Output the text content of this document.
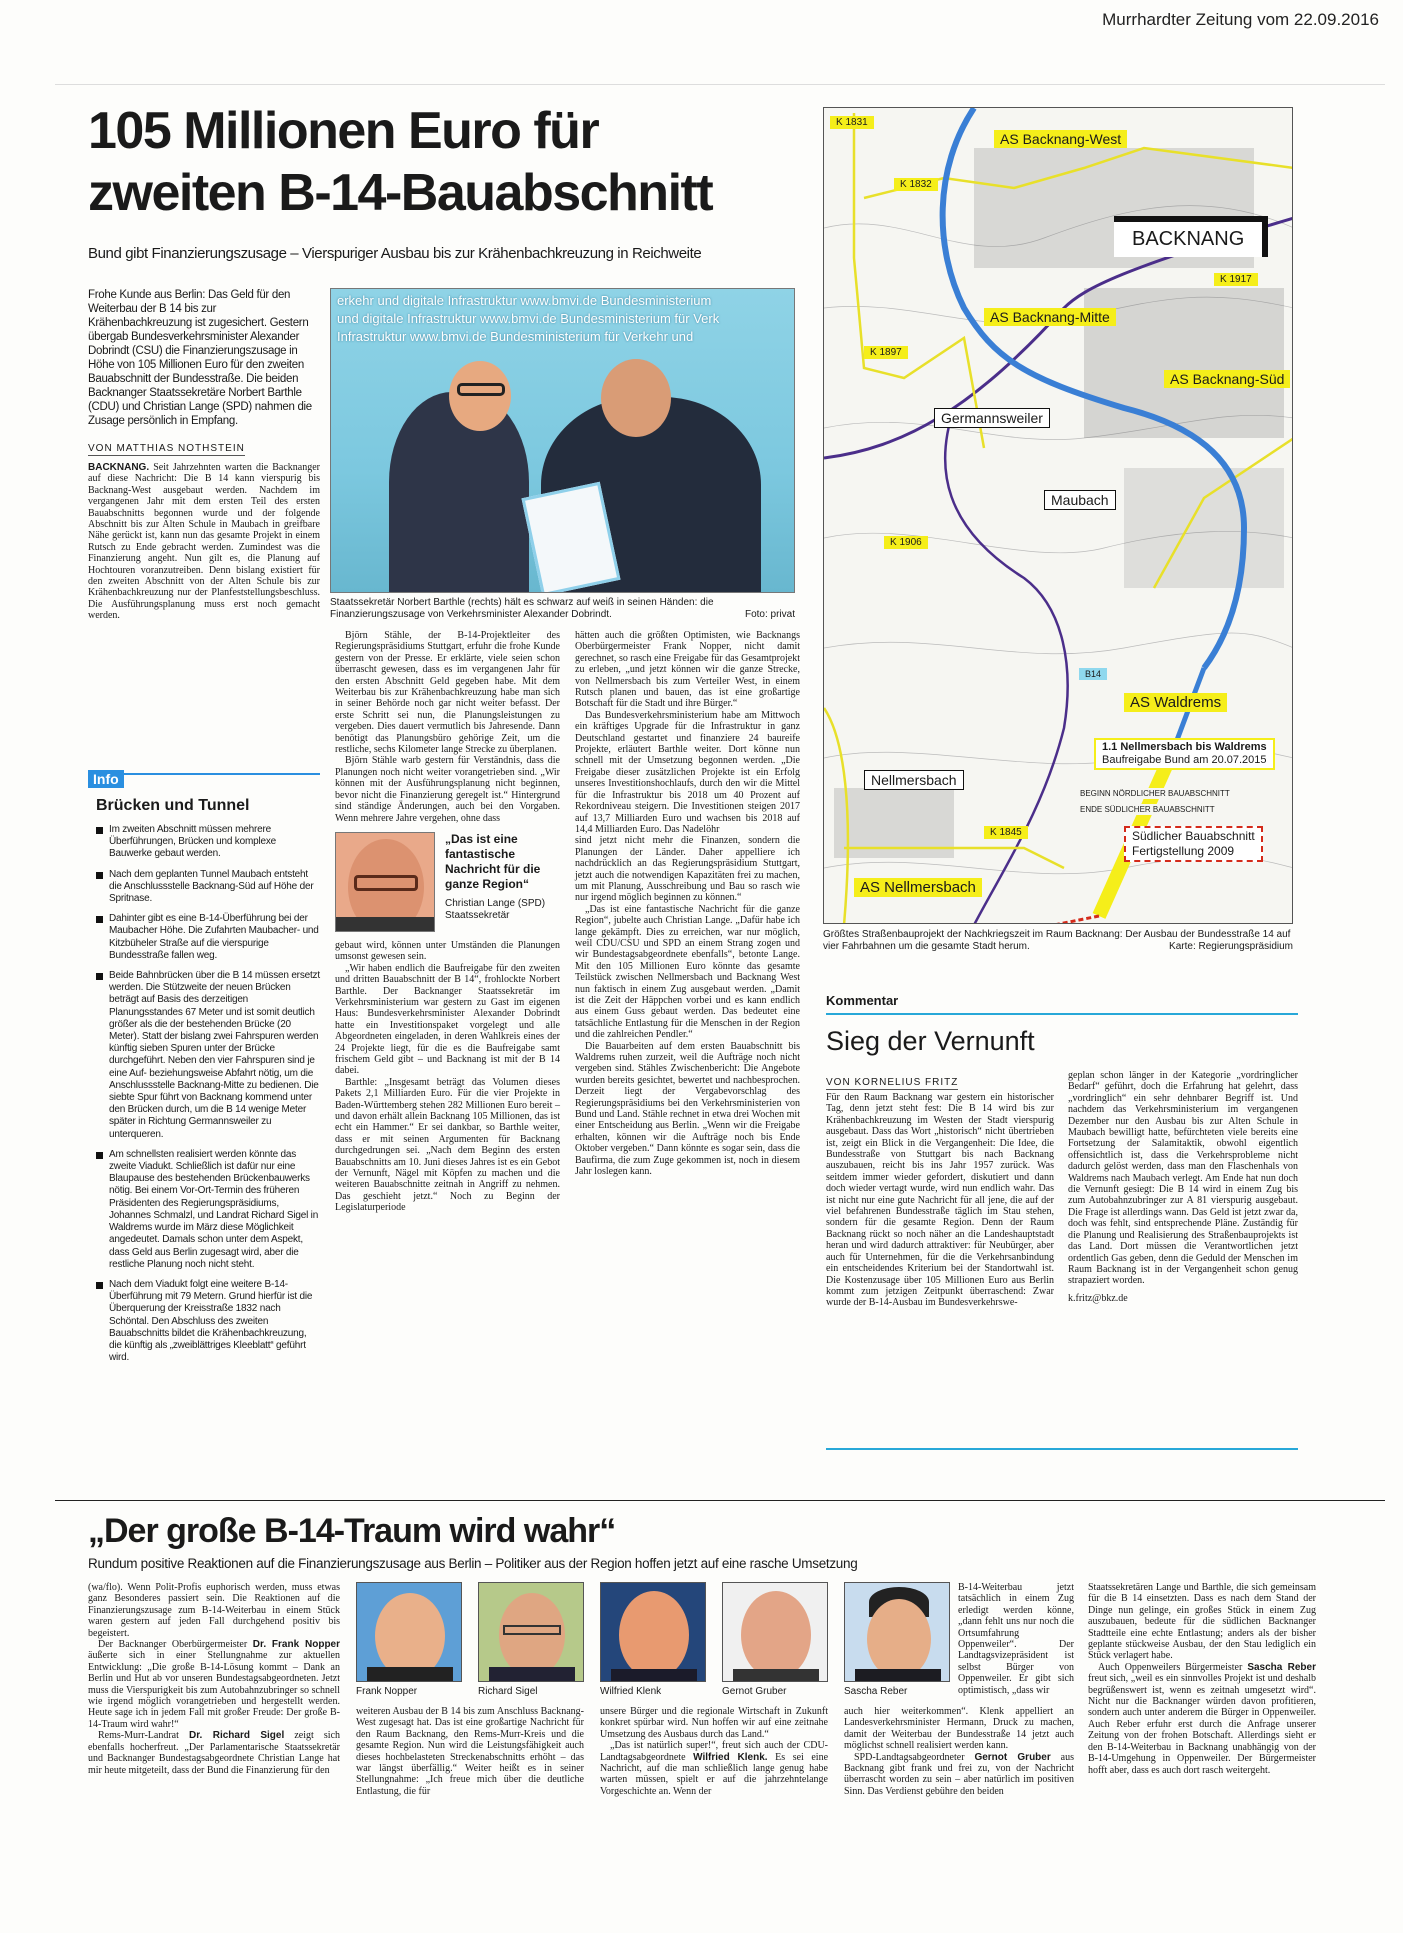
Murrhardter Zeitung vom 22.09.2016
105 Millionen Euro für
zweiten B-14-Bauabschnitt
Bund gibt Finanzierungszusage – Vierspuriger Ausbau bis zur Krähenbachkreuzung in Reichweite
Frohe Kunde aus Berlin: Das Geld für den Weiterbau der B 14 bis zur Krähenbachkreuzung ist zugesichert. Gestern übergab Bundesverkehrsminister Alexander Dobrindt (CSU) die Finanzierungszusage in Höhe von 105 Millionen Euro für den zweiten Bauabschnitt der Bundesstraße. Die beiden Backnanger Staatssekretäre Norbert Barthle (CDU) und Christian Lange (SPD) nahmen die Zusage persönlich in Empfang.
VON MATTHIAS NOTHSTEIN

BACKNANG. Seit Jahrzehnten warten die Backnanger auf diese Nachricht: Die B 14 kann vierspurig bis Backnang-West ausgebaut werden. Nachdem im vergangenen Jahr mit dem ersten Teil des ersten Bauabschnitts begonnen wurde und der folgende Abschnitt bis zur Alten Schule in Maubach in greifbare Nähe gerückt ist, kann nun das gesamte Projekt in einem Rutsch zu Ende gebracht werden. Zumindest was die Finanzierung angeht. Nun gilt es, die Planung auf Hochtouren voranzutreiben. Denn bislang existiert für den zweiten Abschnitt von der Alten Schule bis zur Krähenbachkreuzung nur der Planfeststellungsbeschluss. Die Ausführungsplanung muss erst noch gemacht werden.

erkehr und digitale Infrastruktur www.bmvi.de Bundesministerium
und digitale Infrastruktur www.bmvi.de Bundesministerium für Verk
Infrastruktur www.bmvi.de Bundesministerium für Verkehr und
Staatssekretär Norbert Barthle (rechts) hält es schwarz auf weiß in seinen Händen: die Finanzierungszusage von Verkehrsminister Alexander Dobrindt.	Foto: privat

Björn Stähle, der B-14-Projektleiter des Regierungspräsidiums Stuttgart, erfuhr die frohe Kunde gestern von der Presse. Er erklärte, viele seien schon überrascht gewesen, dass es im vergangenen Jahr für den ersten Abschnitt Geld gegeben habe. Mit dem Weiterbau bis zur Krähenbachkreuzung habe man sich in seiner Behörde noch gar nicht weiter befasst. Der erste Schritt sei nun, die Planungsleistungen zu vergeben. Dies dauert vermutlich bis Jahresende. Dann benötigt das Planungsbüro gehörige Zeit, um die restliche, sechs Kilometer lange Strecke zu überplanen.

Björn Stähle warb gestern für Verständnis, dass die Planungen noch nicht weiter vorangetrieben sind. „Wir können mit der Ausführungsplanung nicht beginnen, bevor nicht die Finanzierung geregelt ist.“ Hintergrund sind ständige Änderungen, auch bei den Vorgaben. Wenn mehrere Jahre vergehen, ohne dass

„Das ist eine fantastische Nachricht für die ganze Region“
Christian Lange (SPD)
Staatssekretär

gebaut wird, können unter Umständen die Planungen umsonst gewesen sein.

„Wir haben endlich die Baufreigabe für den zweiten und dritten Bauabschnitt der B 14“, frohlockte Norbert Barthle. Der Backnanger Staatssekretär im Verkehrsministerium war gestern zu Gast im eigenen Haus: Bundesverkehrsminister Alexander Dobrindt hatte ein Investitionspaket vorgelegt und alle Abgeordneten eingeladen, in deren Wahlkreis eines der 24 Projekte liegt, für die es die Baufreigabe samt frischem Geld gibt – und Backnang ist mit der B 14 dabei.

Barthle: „Insgesamt beträgt das Volumen dieses Pakets 2,1 Milliarden Euro. Für die vier Projekte in Baden-Württemberg stehen 282 Millionen Euro bereit – und davon erhält allein Backnang 105 Millionen, das ist echt ein Hammer.“ Er sei dankbar, so Barthle weiter, dass er mit seinen Argumenten für Backnang durchgedrungen sei. „Nach dem Beginn des ersten Bauabschnitts am 10. Juni dieses Jahres ist es ein Gebot der Vernunft, Nägel mit Köpfen zu machen und die weiteren Bauabschnitte zeitnah in Angriff zu nehmen. Das geschieht jetzt.“ Noch zu Beginn der Legislaturperiode

hätten auch die größten Optimisten, wie Backnangs Oberbürgermeister Frank Nopper, nicht damit gerechnet, so rasch eine Freigabe für das Gesamtprojekt zu erleben, „und jetzt können wir die ganze Strecke, von Nellmersbach bis zum Verteiler West, in einem Rutsch planen und bauen, das ist eine großartige Botschaft für die Stadt und ihre Bürger.“

Das Bundesverkehrsministerium habe am Mittwoch ein kräftiges Upgrade für die Infrastruktur in ganz Deutschland gestartet und finanziere 24 baureife Projekte, erläutert Barthle weiter. Dort könne nun schnell mit der Umsetzung begonnen werden. „Die Freigabe dieser zusätzlichen Projekte ist ein Erfolg unseres Investitionshochlaufs, durch den wir die Mittel für die Infrastruktur bis 2018 um 40 Prozent auf Rekordniveau steigern. Die Investitionen steigen 2017 auf 13,7 Milliarden Euro und wachsen bis 2018 auf 14,4 Milliarden Euro. Das Nadelöhr

sind jetzt nicht mehr die Finanzen, sondern die Planungen der Länder. Daher appelliere ich nachdrücklich an das Regierungspräsidium Stuttgart, jetzt auch die notwendigen Kapazitäten frei zu machen, um mit Planung, Ausschreibung und Bau so rasch wie nur irgend möglich beginnen zu können.“

„Das ist eine fantastische Nachricht für die ganze Region“, jubelte auch Christian Lange. „Dafür habe ich lange gekämpft. Dies zu erreichen, war nur möglich, weil CDU/CSU und SPD an einem Strang zogen und wir Bundestagsabgeordnete ebenfalls“, betonte Lange. Mit den 105 Millionen Euro könnte das gesamte Teilstück zwischen Nellmersbach und Backnang West nun faktisch in einem Zug ausgebaut werden. „Damit ist die Zeit der Häppchen vorbei und es kann endlich aus einem Guss gebaut werden. Das bedeutet eine tatsächliche Entlastung für die Menschen in der Region und die zahlreichen Pendler.“

Die Bauarbeiten auf dem ersten Bauabschnitt bis Waldrems ruhen zurzeit, weil die Aufträge noch nicht vergeben sind. Stähles Zwischenbericht: Die Angebote wurden bereits gesichtet, bewertet und nachbesprochen. Derzeit liegt der Vergabevorschlag des Regierungspräsidiums bei den Verkehrsministerien von Bund und Land. Stähle rechnet in etwa drei Wochen mit einer Entscheidung aus Berlin. „Wenn wir die Freigabe erhalten, können wir die Aufträge noch bis Ende Oktober vergeben.“ Dann könnte es sogar sein, dass die Baufirma, die zum Zuge gekommen ist, noch in diesem Jahr loslegen kann.

Info
Brücken und Tunnel
Im zweiten Abschnitt müssen mehrere Überführungen, Brücken und komplexe Bauwerke gebaut werden.
Nach dem geplanten Tunnel Maubach entsteht die Anschlussstelle Backnang-Süd auf Höhe der Spritnase.
Dahinter gibt es eine B-14-Überführung bei der Maubacher Höhe. Die Zufahrten Maubacher- und Kitzbüheler Straße auf die vierspurige Bundesstraße fallen weg.
Beide Bahnbrücken über die B 14 müssen ersetzt werden. Die Stützweite der neuen Brücken beträgt auf Basis des derzeitigen Planungsstandes 67 Meter und ist somit deutlich größer als die der bestehenden Brücke (20 Meter). Statt der bislang zwei Fahrspuren werden künftig sieben Spuren unter der Brücke durchgeführt. Neben den vier Fahrspuren sind je eine Auf- beziehungsweise Abfahrt nötig, um die Anschlussstelle Backnang-Mitte zu bedienen. Die siebte Spur führt von Backnang kommend unter den Brücken durch, um die B 14 wenige Meter später in Richtung Germannsweiler zu unterqueren.
Am schnellsten realisiert werden könnte das zweite Viadukt. Schließlich ist dafür nur eine Blaupause des bestehenden Brückenbauwerks nötig. Bei einem Vor-Ort-Termin des früheren Präsidenten des Regierungspräsidiums, Johannes Schmalzl, und Landrat Richard Sigel in Waldrems wurde im März diese Möglichkeit angedeutet. Damals schon unter dem Aspekt, dass Geld aus Berlin zugesagt wird, aber die restliche Planung noch nicht steht.
Nach dem Viadukt folgt eine weitere B-14-Überführung mit 79 Metern. Grund hierfür ist die Überquerung der Kreisstraße 1832 nach Schöntal. Den Abschluss des zweiten Bauabschnitts bildet die Krähenbachkreuzung, die künftig als „zweiblättriges Kleeblatt“ geführt wird.
K 1831
AS Backnang-West
K 1832
BACKNANG
K 1917
AS Backnang-Mitte
K 1897
AS Backnang-Süd
Germannsweiler
Maubach
K 1906
B14
AS Waldrems
1.1 Nellmersbach bis Waldrems
Baufreigabe Bund am 20.07.2015
Nellmersbach
BEGINN NÖRDLICHER BAUABSCHNITT
ENDE SÜDLICHER BAUABSCHNITT
K 1845	Südlicher Bauabschnitt
Fertigstellung 2009
AS Nellmersbach
Größtes Straßenbauprojekt der Nachkriegszeit im Raum Backnang: Der Ausbau der Bundesstraße 14 auf vier Fahrbahnen um die gesamte Stadt herum.	Karte: Regierungspräsidium
Kommentar
Sieg der Vernunft
VON KORNELIUS FRITZ

Für den Raum Backnang war gestern ein historischer Tag, denn jetzt steht fest: Die B 14 wird bis zur Krähenbachkreuzung im Westen der Stadt vierspurig ausgebaut. Dass das Wort „historisch“ nicht übertrieben ist, zeigt ein Blick in die Vergangenheit: Die Idee, die Bundesstraße von Stuttgart bis nach Backnang auszubauen, reicht bis ins Jahr 1957 zurück. Was seitdem immer wieder gefordert, diskutiert und dann doch wieder vertagt wurde, wird nun endlich wahr. Das ist nicht nur eine gute Nachricht für all jene, die auf der viel befahrenen Bundesstraße täglich im Stau stehen, sondern für die gesamte Region. Denn der Raum Backnang rückt so noch näher an die Landeshauptstadt heran und wird dadurch attraktiver: für Neubürger, aber auch für Unternehmen, für die die Verkehrsanbindung ein entscheidendes Kriterium bei der Standortwahl ist. Die Kostenzusage über 105 Millionen Euro aus Berlin kommt zum jetzigen Zeitpunkt überraschend: Zwar wurde der B-14-Ausbau im Bundesverkehrswe-

geplan schon länger in der Kategorie „vordringlicher Bedarf“ geführt, doch die Erfahrung hat gelehrt, dass „vordringlich“ ein sehr dehnbarer Begriff ist. Und nachdem das Verkehrsministerium im vergangenen Dezember nur den Ausbau bis zur Alten Schule in Maubach bewilligt hatte, befürchteten viele bereits eine Fortsetzung der Salamitaktik, obwohl eigentlich offensichtlich ist, dass die Verkehrsprobleme nicht dadurch gelöst werden, dass man den Flaschenhals von Waldrems nach Maubach verlegt. Am Ende hat nun doch die Vernunft gesiegt: Die B 14 wird in einem Zug bis zum Autobahnzubringer zur A 81 vierspurig ausgebaut. Die Frage ist allerdings wann. Das Geld ist jetzt zwar da, doch was fehlt, sind entsprechende Pläne. Zuständig für die Planung und Realisierung des Straßenbauprojekts ist das Land. Dort müssen die Verantwortlichen jetzt ordentlich Gas geben, denn die Geduld der Menschen im Raum Backnang ist in der Vergangenheit schon genug strapaziert worden.

k.fritz@bkz.de

„Der große B-14-Traum wird wahr“
Rundum positive Reaktionen auf die Finanzierungszusage aus Berlin – Politiker aus der Region hoffen jetzt auf eine rasche Umsetzung

(wa/flo). Wenn Polit-Profis euphorisch werden, muss etwas ganz Besonderes passiert sein. Die Reaktionen auf die Finanzierungszusage zum B-14-Weiterbau in einem Stück waren gestern auf jeden Fall durchgehend positiv bis begeistert.

Der Backnanger Oberbürgermeister Dr. Frank Nopper äußerte sich in einer Stellungnahme zur aktuellen Entwicklung: „Die große B-14-Lösung kommt – Dank an Berlin und Hut ab vor unseren Bundestagsabgeordneten. Jetzt muss die Vierspurigkeit bis zum Autobahnzubringer so schnell wie irgend möglich vorangetrieben und hergestellt werden. Heute sage ich in jedem Fall mit großer Freude: Der große B-14-Traum wird wahr!“

Rems-Murr-Landrat Dr. Richard Sigel zeigt sich ebenfalls hocherfreut. „Der Parlamentarische Staatssekretär und Backnanger Bundestagsabgeordnete Christian Lange hat mir heute mitgeteilt, dass der Bund die Finanzierung für den

Frank Nopper	Richard Sigel	Wilfried Klenk	Gernot Gruber	Sascha Reber

weiteren Ausbau der B 14 bis zum Anschluss Backnang-West zugesagt hat. Das ist eine großartige Nachricht für den Raum Backnang, den Rems-Murr-Kreis und die gesamte Region. Nun wird die Leistungsfähigkeit auch dieses hochbelasteten Streckenabschnitts erhöht – das war längst überfällig.“ Weiter heißt es in seiner Stellungnahme: „Ich freue mich über die deutliche Entlastung, die für

unsere Bürger und die regionale Wirtschaft in Zukunft konkret spürbar wird. Nun hoffen wir auf eine zeitnahe Umsetzung des Ausbaus durch das Land.“

„Das ist natürlich super!“, freut sich auch der CDU-Landtagsabgeordnete Wilfried Klenk. Es sei eine Nachricht, auf die man schließlich lange genug habe warten müssen, spielt er auf die jahrzehntelange Vorgeschichte an. Wenn der

B-14-Weiterbau jetzt tatsächlich in einem Zug erledigt werden könne, „dann fehlt uns nur noch die Ortsumfahrung Oppenweiler“. Der Landtagsvizepräsident ist selbst Bürger von Oppenweiler. Er gibt sich optimistisch, „dass wir

auch hier weiterkommen“. Klenk appelliert an Landesverkehrsminister Hermann, Druck zu machen, damit der Weiterbau der Bundesstraße 14 jetzt auch möglichst schnell realisiert werden kann.

SPD-Landtagsabgeordneter Gernot Gruber aus Backnang gibt frank und frei zu, von der Nachricht überrascht worden zu sein – aber natürlich im positiven Sinn. Das Verdienst gebühre den beiden

Staatssekretären Lange und Barthle, die sich gemeinsam für die B 14 einsetzten. Dass es nach dem Stand der Dinge nun gelinge, ein großes Stück in einem Zug auszubauen, bedeute für die südlichen Backnanger Stadtteile eine echte Entlastung; anders als der bisher geplante stückweise Ausbau, der den Stau lediglich ein Stück verlagert habe.

Auch Oppenweilers Bürgermeister Sascha Reber freut sich, „weil es ein sinnvolles Projekt ist und deshalb begrüßenswert ist, wenn es zeitnah umgesetzt wird“. Nicht nur die Backnanger würden davon profitieren, sondern auch unter anderem die Bürger in Oppenweiler. Auch Reber erfuhr erst durch die Anfrage unserer Zeitung von der frohen Botschaft. Allerdings sieht er den B-14-Weiterbau in Backnang unabhängig von der B-14-Umgehung in Oppenweiler. Der Bürgermeister hofft aber, dass es auch dort rasch weitergeht.
